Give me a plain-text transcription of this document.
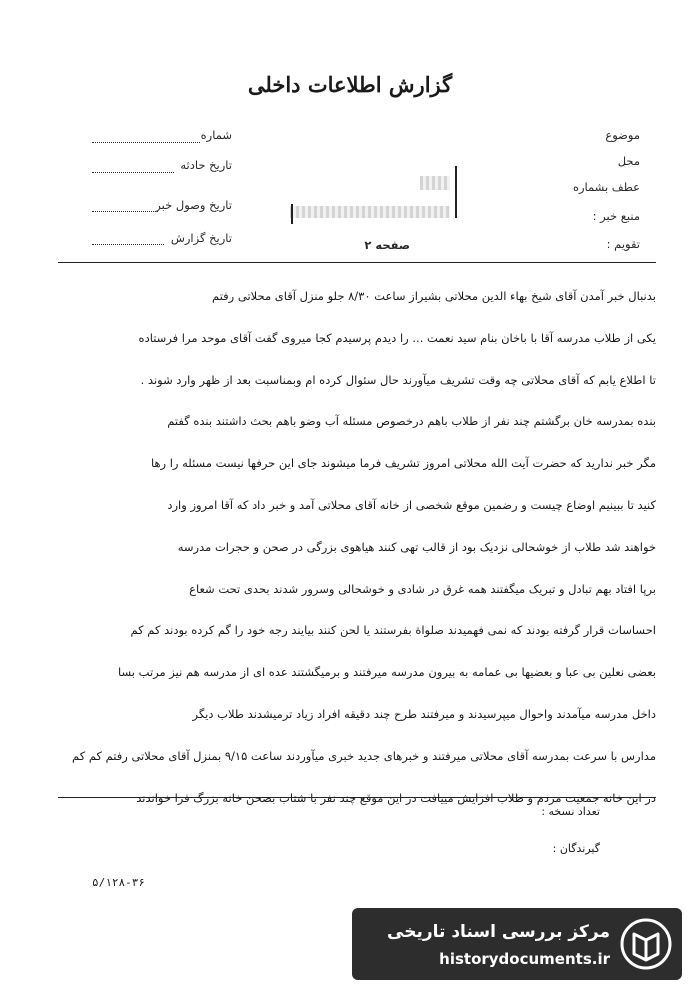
گزارش اطلاعات داخلی
موضوع
محل
عطف بشماره
منبع خبر :
تقویم :
شماره
تاریخ حادثه
تاریخ وصول خبر
تاریخ گزارش	صفحه ۲
بدنبال خبر آمدن آقای شیخ بهاء الدین محلاتی بشیراز ساعت ۸/۳۰ جلو منزل آقای محلاتی رفتم
یکی از طلاب مدرسه آقا با باخان بنام سید نعمت ... را دیدم پرسیدم کجا میروی گفت آقای موحد مرا فرستاده
تا اطلاع یابم که آقای محلاتی چه وقت تشریف میآورند حال سئوال کرده ام وبمناسبت بعد از ظهر وارد شوند .
بنده بمدرسه خان برگشتم چند نفر از طلاب باهم درخصوص مسئله آب وضو باهم بحث داشتند بنده گفتم
مگر خبر ندارید که حضرت آیت الله محلاتی امروز تشریف فرما میشوند جای این حرفها نیست مسئله را رها
کنید تا ببینیم اوضاع چیست و رضمین موقع شخصی از خانه آقای محلاتی آمد و خبر داد که آقا امروز وارد
خواهند شد طلاب از خوشحالی نزدیک بود از قالب تهی کنند هیاهوی بزرگی در صحن و حجرات مدرسه
برپا افتاد بهم تبادل و تبریک میگفتند همه غرق در شادی و خوشحالی وسرور شدند بحدی تحت شعاع
احساسات قرار گرفته بودند که نمی فهمیدند صلواة بفرستند یا لحن کنند بیایند رجه خود را گم کرده بودند کم کم
بعضی نعلین بی عبا و بعضیها بی عمامه به بیرون مدرسه میرفتند و برمیگشتند عده ای از مدرسه هم نیز مرتب بسا
داخل مدرسه میآمدند واحوال میپرسیدند و میرفتند طرح چند دقیقه افراد زیاد ترمیشدند طلاب دیگر
مدارس با سرعت بمدرسه آقای محلاتی میرفتند و خبرهای جدید خبری میآوردند ساعت ۹/۱۵ بمنزل آقای محلاتی رفتم کم کم
در این خانه جمعیت مردم و طلاب افزایش مییافت در این موقع چند نفر با شتاب بصحن خانه بزرگ فرا خواندند
تعداد نسخه :
گیرندگان :
۵/۱۲۸-۳۶
مرکز بررسی اسناد تاریخی
historydocuments.ir
